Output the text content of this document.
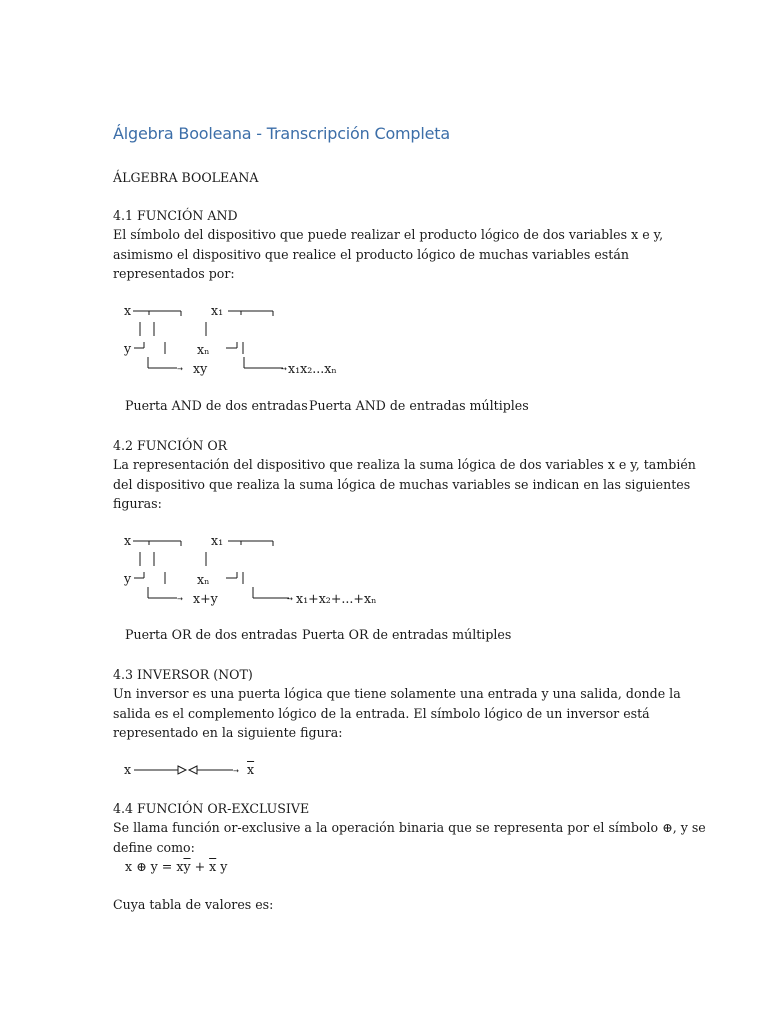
Álgebra Booleana - Transcripción Completa
ÁLGEBRA BOOLEANA
4.1 FUNCIÓN AND
El símbolo del dispositivo que puede realizar el producto lógico de dos variables x e y,
asimismo el dispositivo que realice el producto lógico de muchas variables están
representados por:
→	→
x
y
xy
x₁
xₙ
x₁x₂...xₙ
Puerta AND de dos entradas Puerta AND de entradas múltiples
4.2 FUNCIÓN OR
La representación del dispositivo que realiza la suma lógica de dos variables x e y, también
del dispositivo que realiza la suma lógica de muchas variables se indican en las siguientes
figuras:
→	→
x
y
x+y
x₁
xₙ
x₁+x₂+...+xₙ
Puerta OR de dos entradas Puerta OR de entradas múltiples
4.3 INVERSOR (NOT)
Un inversor es una puerta lógica que tiene solamente una entrada y una salida, donde la
salida es el complemento lógico de la entrada. El símbolo lógico de un inversor está
representado en la siguiente figura:
x	→ $\overline{x}$
4.4 FUNCIÓN OR-EXCLUSIVE
Se llama función or-exclusive a la operación binaria que se representa por el símbolo ⊕, y se
define como:
x ⊕ $y = x\overline{y} + \overline{x}$ y
Cuya tabla de valores es:
